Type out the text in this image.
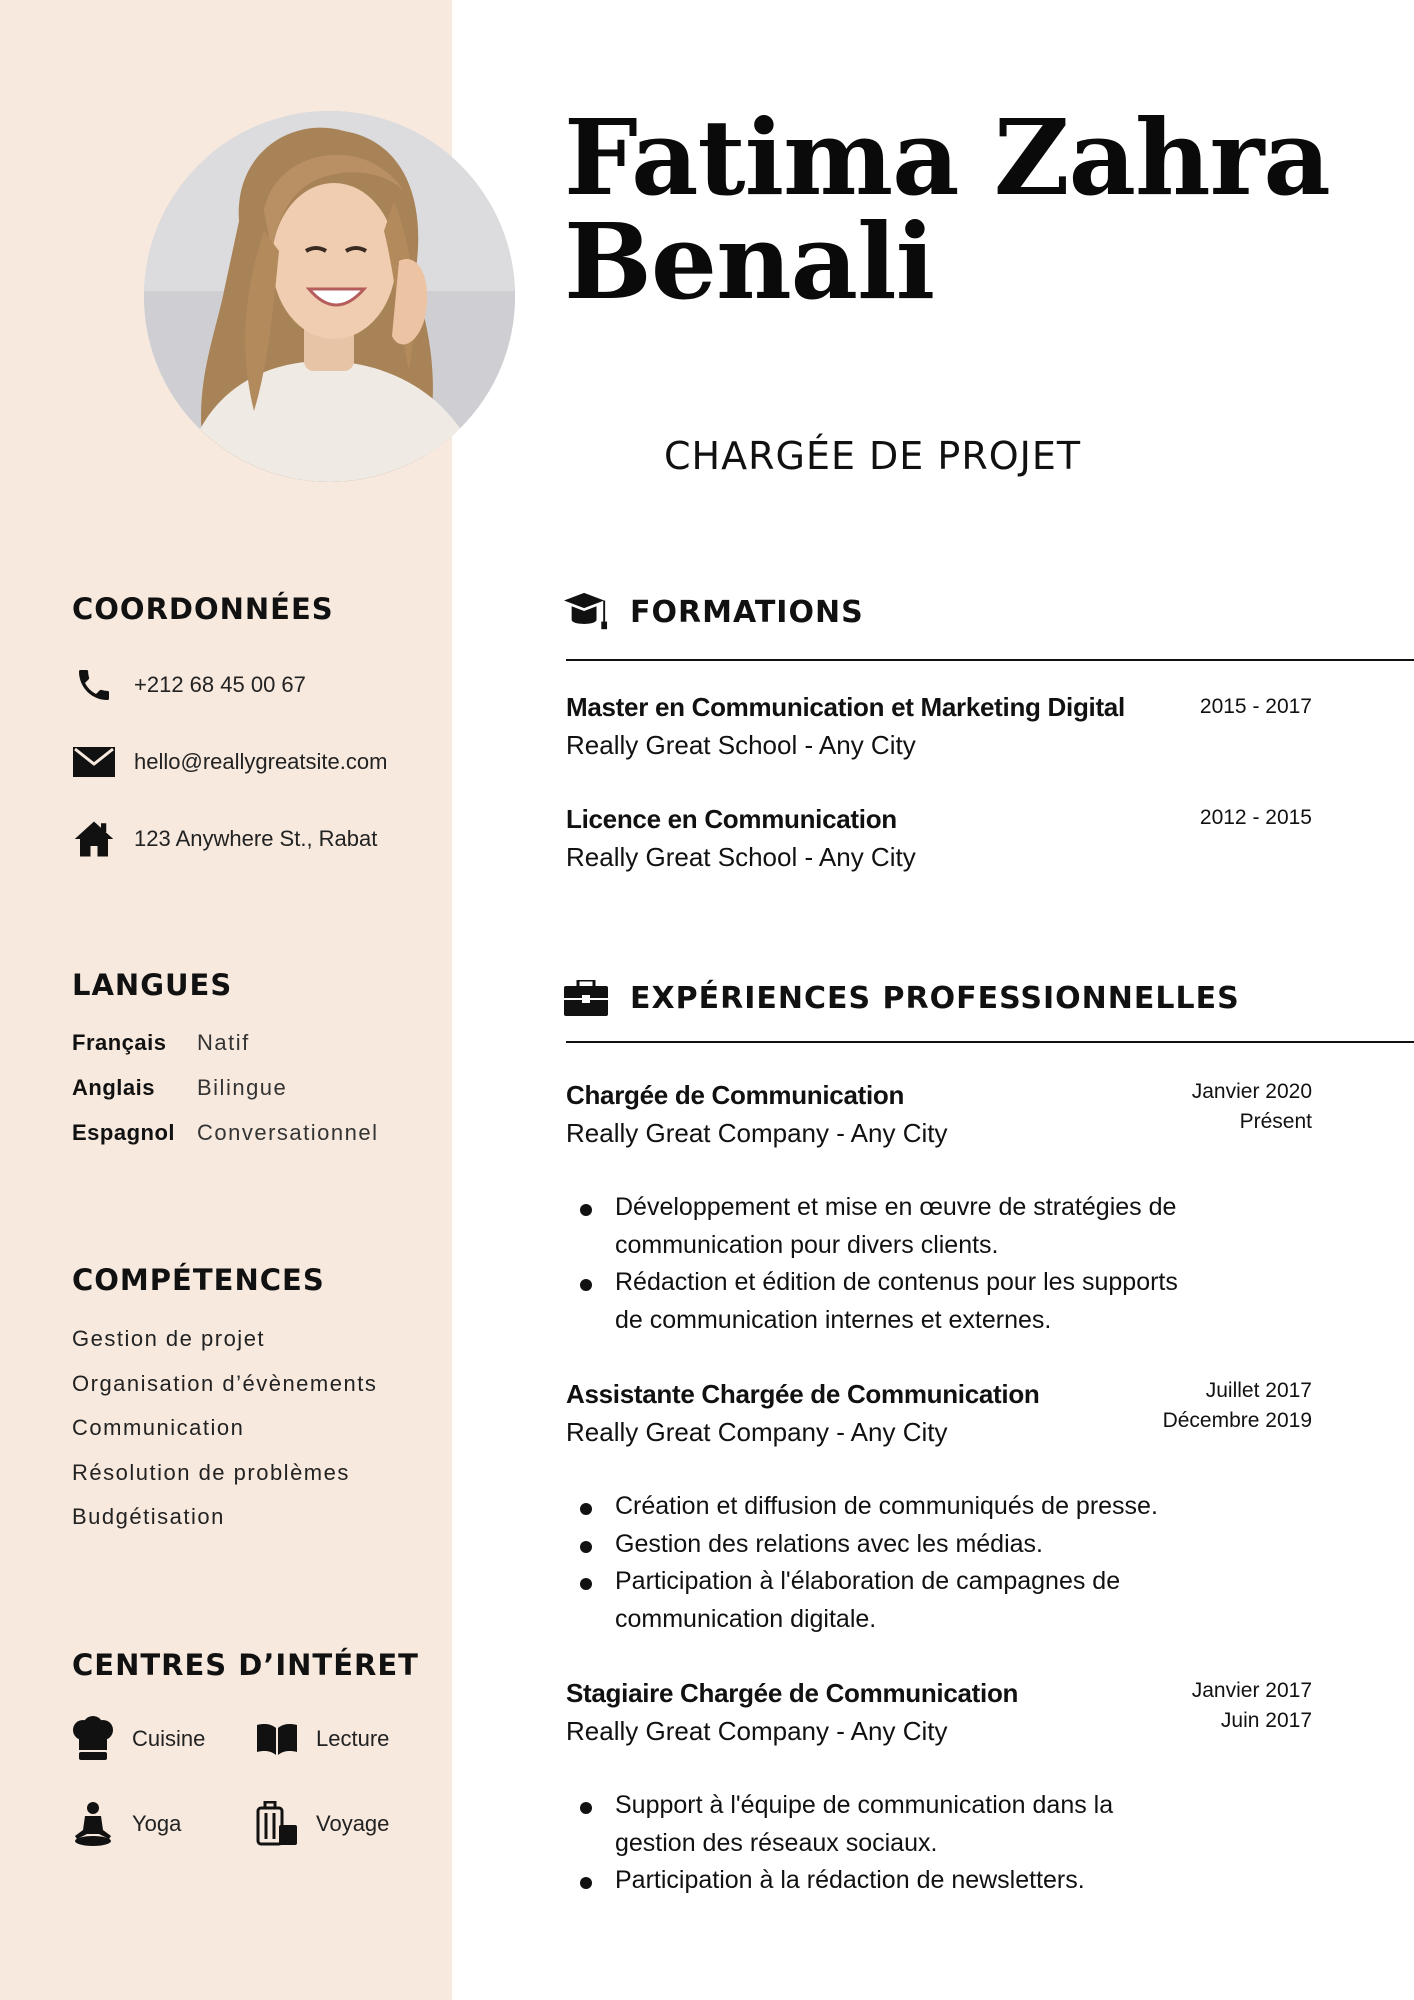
Fatima Zahra
Benali
CHARGÉE DE PROJET
COORDONNÉES
+212 68 45 00 67
hello@reallygreatsite.com
123 Anywhere St., Rabat
LANGUES
Français	Natif
Anglais	Bilingue
Espagnol Conversationnel
COMPÉTENCES
Gestion de projet
Organisation d’évènements
Communication
Résolution de problèmes
Budgétisation
CENTRES D’INTÉRET
Cuisine	Lecture
Yoga	Voyage
FORMATIONS
Master en Communication et Marketing Digital
Really Great School - Any City
2015 - 2017
Licence en Communication
Really Great School - Any City
2012 - 2015
EXPÉRIENCES PROFESSIONNELLES
Chargée de Communication
Really Great Company - Any City
Janvier 2020
Présent
Développement et mise en œuvre de stratégies de communication pour divers clients.
Rédaction et édition de contenus pour les supports de communication internes et externes.
Assistante Chargée de Communication
Really Great Company - Any City
Juillet 2017
Décembre 2019
Création et diffusion de communiqués de presse.
Gestion des relations avec les médias.
Participation à l'élaboration de campagnes de communication digitale.
Stagiaire Chargée de Communication
Really Great Company - Any City
Janvier 2017
Juin 2017
Support à l'équipe de communication dans la gestion des réseaux sociaux.
Participation à la rédaction de newsletters.
